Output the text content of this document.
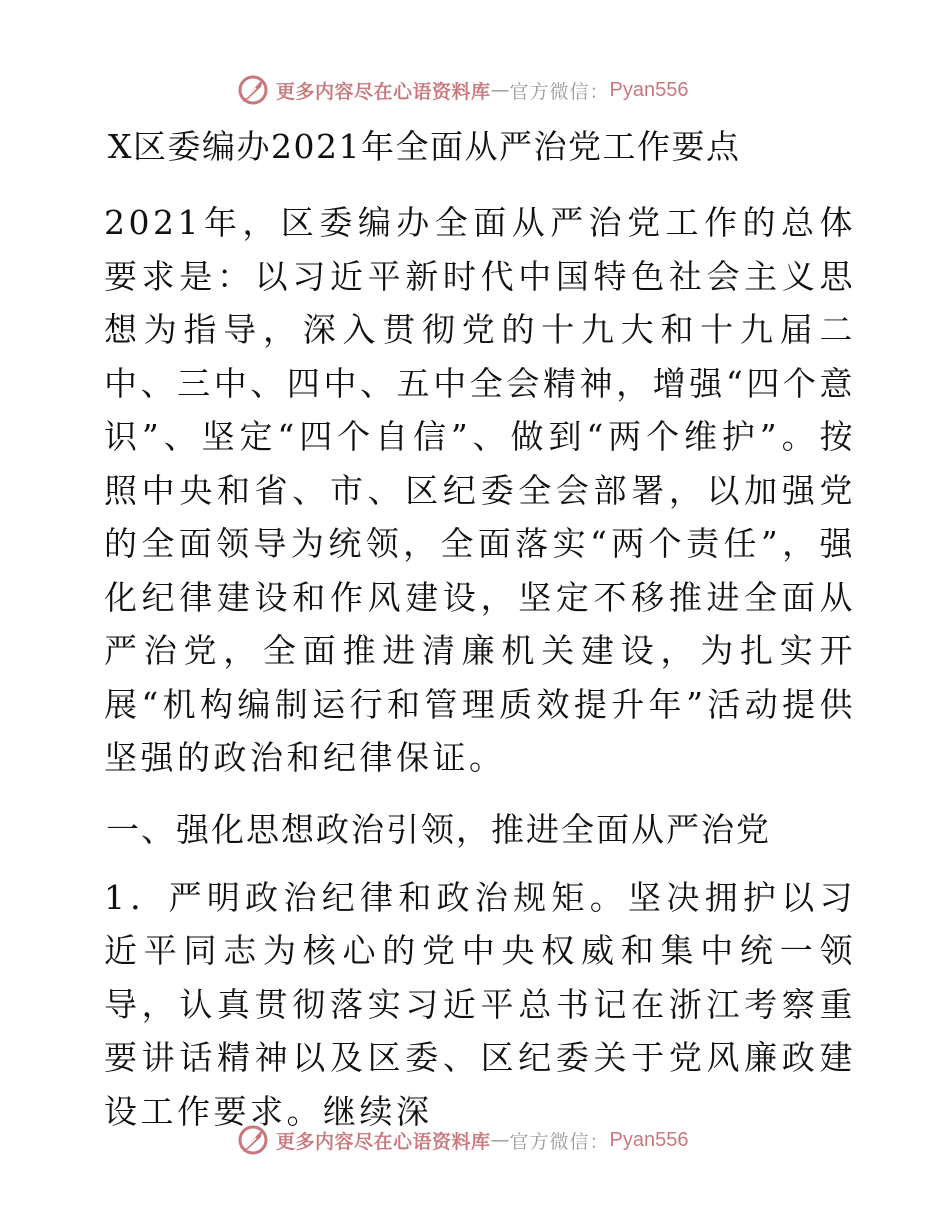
更多内容尽在心语资料库 — 官方微信： Pyan556
X区委编办2021年全面从严治党工作要点

2021年，区委编办全面从严治党工作的总体要求是：以习近平新时代中国特色社会主义思想为指导，深入贯彻党的十九大和十九届二中、三中、四中、五中全会精神，增强“四个意识”、坚定“四个自信”、做到“两个维护”。按照中央和省、市、区纪委全会部署，以加强党的全面领导为统领，全面落实“两个责任”，强化纪律建设和作风建设，坚定不移推进全面从严治党，全面推进清廉机关建设，为扎实开展“机构编制运行和管理质效提升年”活动提供坚强的政治和纪律保证。

一、强化思想政治引领，推进全面从严治党

1．严明政治纪律和政治规矩。坚决拥护以习近平同志为核心的党中央权威和集中统一领导，认真贯彻落实习近平总书记在浙江考察重要讲话精神以及区委、区纪委关于党风廉政建设工作要求。继续深

更多内容尽在心语资料库 — 官方微信： Pyan556
